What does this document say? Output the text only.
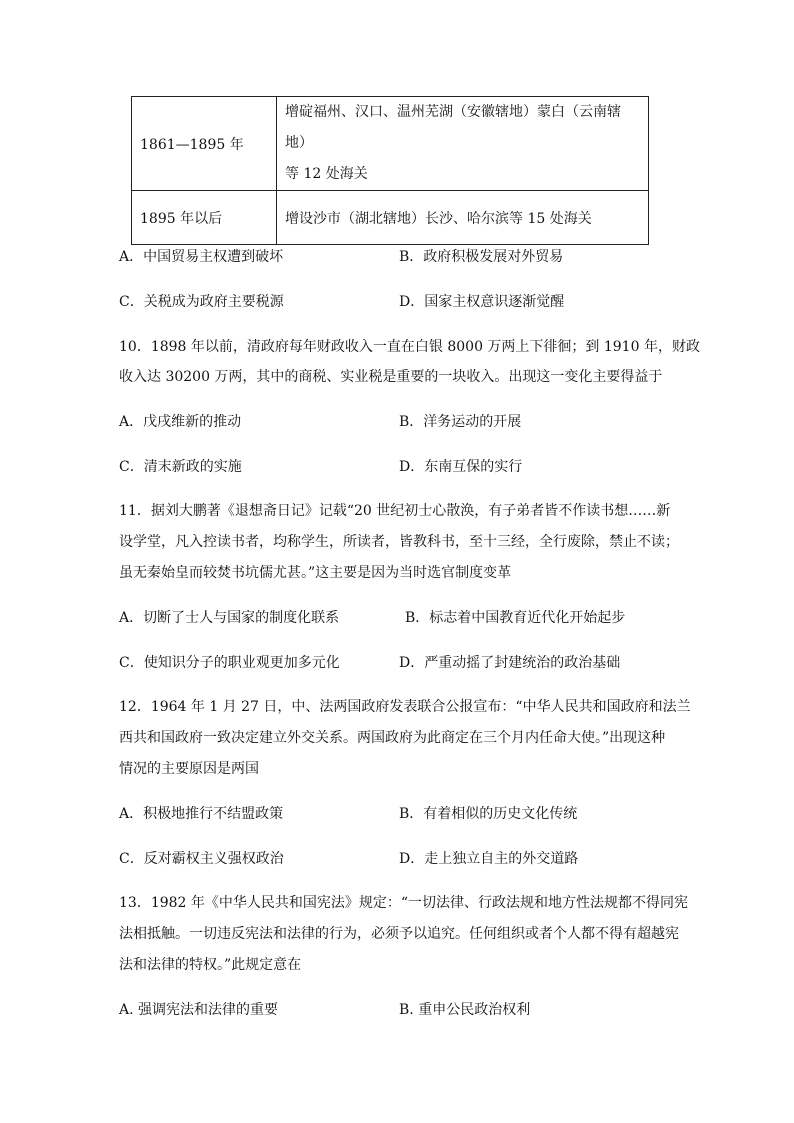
1861—1895 年	增碇福州、汉口、温州芜湖（安徽辖地）蒙白（云南辖地）
等 12 处海关

1895 年以后	增设沙市（湖北辖地）长沙、哈尔滨等 15 处海关
A．中国贸易主权遭到破坏	B．政府积极发展对外贸易
C．关税成为政府主要税源	D．国家主权意识逐渐觉醒
10．1898 年以前，清政府每年财政收入一直在白银 8000 万两上下徘徊；到 1910 年，财政
收入达 30200 万两，其中的商税、实业税是重要的一块收入。出现这一变化主要得益于
A．戊戌维新的推动	B．洋务运动的开展
C．清末新政的实施	D．东南互保的实行
11．据刘大鹏著《退想斋日记》记载“20 世纪初士心散涣，有子弟者皆不作读书想……新
设学堂，凡入控读书者，均称学生，所读者，皆教科书，至十三经，全行废除，禁止不读；
虽无秦始皇而较焚书坑儒尤甚。”这主要是因为当时选官制度变革
A．切断了士人与国家的制度化联系	B．标志着中国教育近代化开始起步
C．使知识分子的职业观更加多元化	D．严重动摇了封建统治的政治基础
12．1964 年 1 月 27 日，中、法两国政府发表联合公报宣布：“中华人民共和国政府和法兰
西共和国政府一致决定建立外交关系。两国政府为此商定在三个月内任命大使。”出现这种
情况的主要原因是两国
A．积极地推行不结盟政策	B．有着相似的历史文化传统
C．反对霸权主义强权政治	D．走上独立自主的外交道路
13．1982 年《中华人民共和国宪法》规定：“一切法律、行政法规和地方性法规都不得同宪
法相抵触。一切违反宪法和法律的行为，必须予以追究。任何组织或者个人都不得有超越宪
法和法律的特权。”此规定意在
A. 强调宪法和法律的重要	B. 重申公民政治权利
